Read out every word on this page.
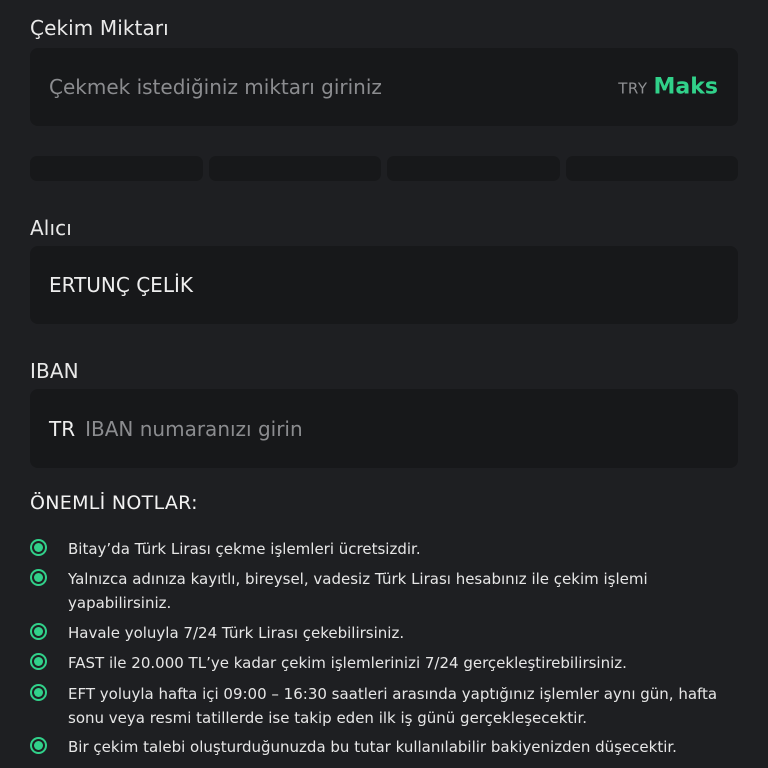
Çekim Miktarı
Çekmek istediğiniz miktarı giriniz	TRY Maks
Alıcı
ERTUNÇ ÇELİK
IBAN
TR IBAN numaranızı girin
ÖNEMLİ NOTLAR:
Bitay’da Türk Lirası çekme işlemleri ücretsizdir.
Yalnızca adınıza kayıtlı, bireysel, vadesiz Türk Lirası hesabınız ile çekim işlemi yapabilirsiniz.
Havale yoluyla 7/24 Türk Lirası çekebilirsiniz.
FAST ile 20.000 TL’ye kadar çekim işlemlerinizi 7/24 gerçekleştirebilirsiniz.
EFT yoluyla hafta içi 09:00 – 16:30 saatleri arasında yaptığınız işlemler aynı gün, hafta sonu veya resmi tatillerde ise takip eden ilk iş günü gerçekleşecektir.
Bir çekim talebi oluşturduğunuzda bu tutar kullanılabilir bakiyenizden düşecektir.
